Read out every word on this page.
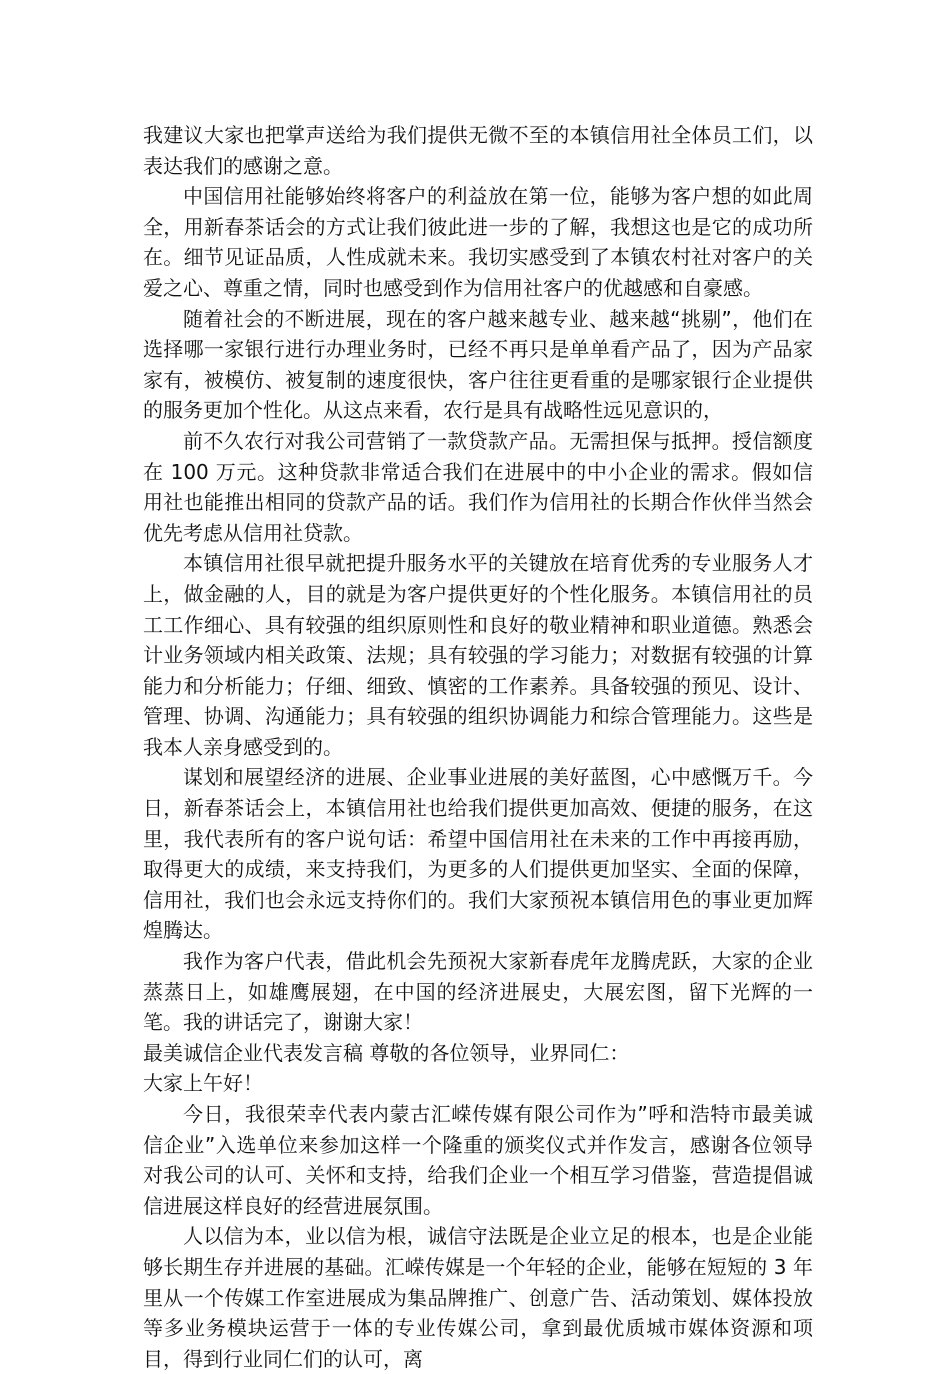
我建议大家也把掌声送给为我们提供无微不至的本镇信用社全体员工们，以表达我们的感谢之意。

中国信用社能够始终将客户的利益放在第一位，能够为客户想的如此周全，用新春茶话会的方式让我们彼此进一步的了解，我想这也是它的成功所在。细节见证品质，人性成就未来。我切实感受到了本镇农村社对客户的关爱之心、尊重之情，同时也感受到作为信用社客户的优越感和自豪感。

随着社会的不断进展，现在的客户越来越专业、越来越“挑剔”，他们在选择哪一家银行进行办理业务时，已经不再只是单单看产品了，因为产品家家有，被模仿、被复制的速度很快，客户往往更看重的是哪家银行企业提供的服务更加个性化。从这点来看，农行是具有战略性远见意识的，

前不久农行对我公司营销了一款贷款产品。无需担保与抵押。授信额度在 100 万元。这种贷款非常适合我们在进展中的中小企业的需求。假如信用社也能推出相同的贷款产品的话。我们作为信用社的长期合作伙伴当然会优先考虑从信用社贷款。

本镇信用社很早就把提升服务水平的关键放在培育优秀的专业服务人才上，做金融的人，目的就是为客户提供更好的个性化服务。本镇信用社的员工工作细心、具有较强的组织原则性和良好的敬业精神和职业道德。熟悉会计业务领域内相关政策、法规；具有较强的学习能力；对数据有较强的计算能力和分析能力；仔细、细致、慎密的工作素养。具备较强的预见、设计、管理、协调、沟通能力；具有较强的组织协调能力和综合管理能力。这些是我本人亲身感受到的。

谋划和展望经济的进展、企业事业进展的美好蓝图，心中感慨万千。今日，新春茶话会上，本镇信用社也给我们提供更加高效、便捷的服务，在这里，我代表所有的客户说句话：希望中国信用社在未来的工作中再接再励，取得更大的成绩，来支持我们，为更多的人们提供更加坚实、全面的保障，信用社，我们也会永远支持你们的。我们大家预祝本镇信用色的事业更加辉煌腾达。

我作为客户代表，借此机会先预祝大家新春虎年龙腾虎跃，大家的企业蒸蒸日上，如雄鹰展翅，在中国的经济进展史，大展宏图，留下光辉的一笔。我的讲话完了，谢谢大家！

最美诚信企业代表发言稿 尊敬的各位领导，业界同仁：

大家上午好！

今日，我很荣幸代表内蒙古汇嵘传媒有限公司作为”呼和浩特市最美诚信企业”入选单位来参加这样一个隆重的颁奖仪式并作发言，感谢各位领导对我公司的认可、关怀和支持，给我们企业一个相互学习借鉴，营造提倡诚信进展这样良好的经营进展氛围。

人以信为本，业以信为根，诚信守法既是企业立足的根本，也是企业能够长期生存并进展的基础。汇嵘传媒是一个年轻的企业，能够在短短的 3 年里从一个传媒工作室进展成为集品牌推广、创意广告、活动策划、媒体投放等多业务模块运营于一体的专业传媒公司，拿到最优质城市媒体资源和项目，得到行业同仁们的认可，离
